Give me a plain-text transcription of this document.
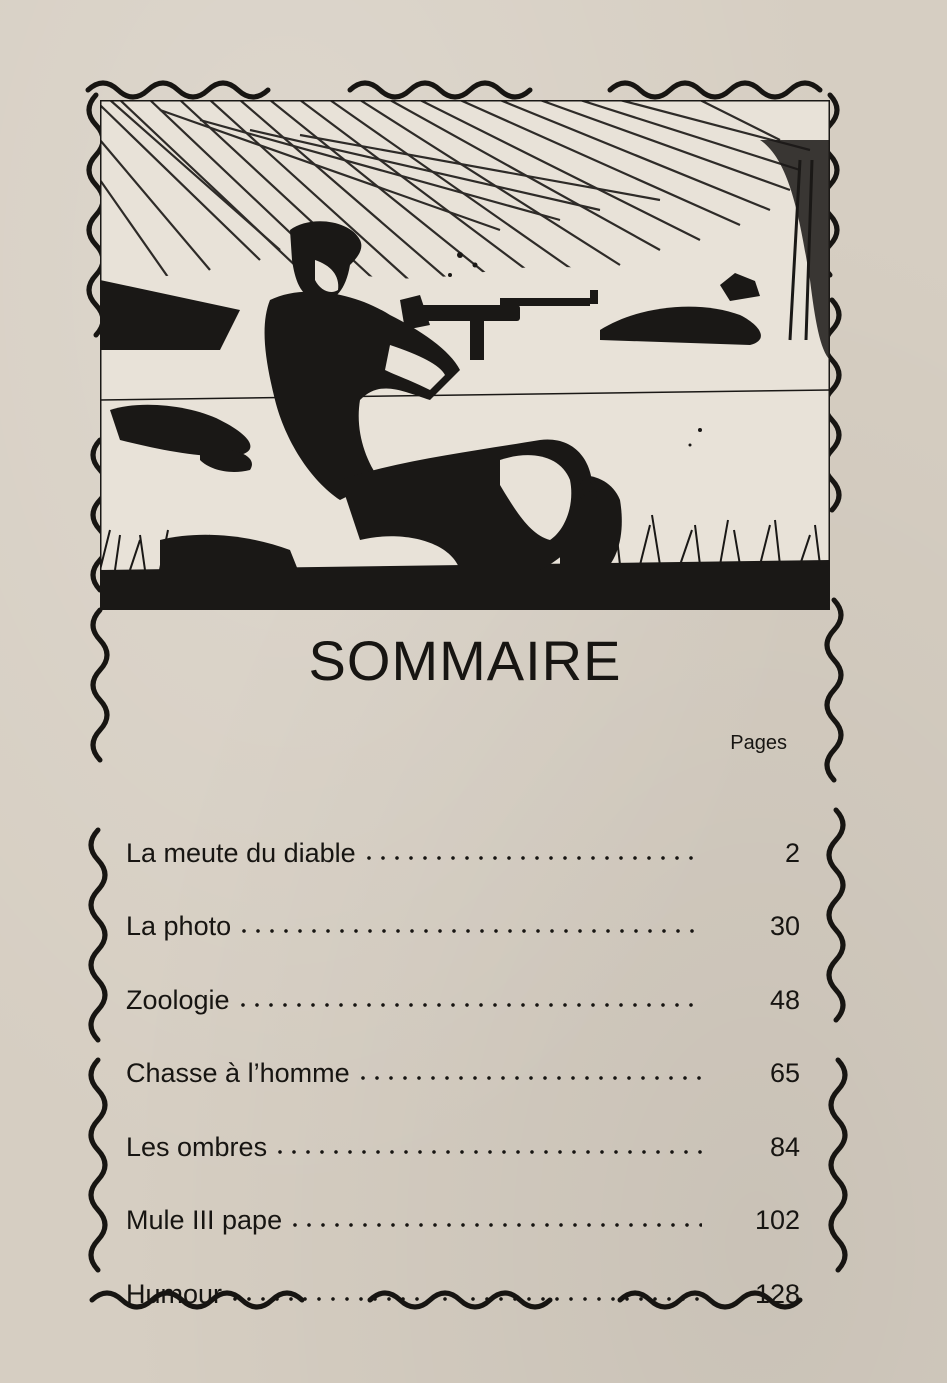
IS
SOMMAIRE
Pages
La meute du diable	2
La photo	30
Zoologie	48
Chasse à l’homme	65
Les ombres	84
Mule III pape	102
Humour	128
